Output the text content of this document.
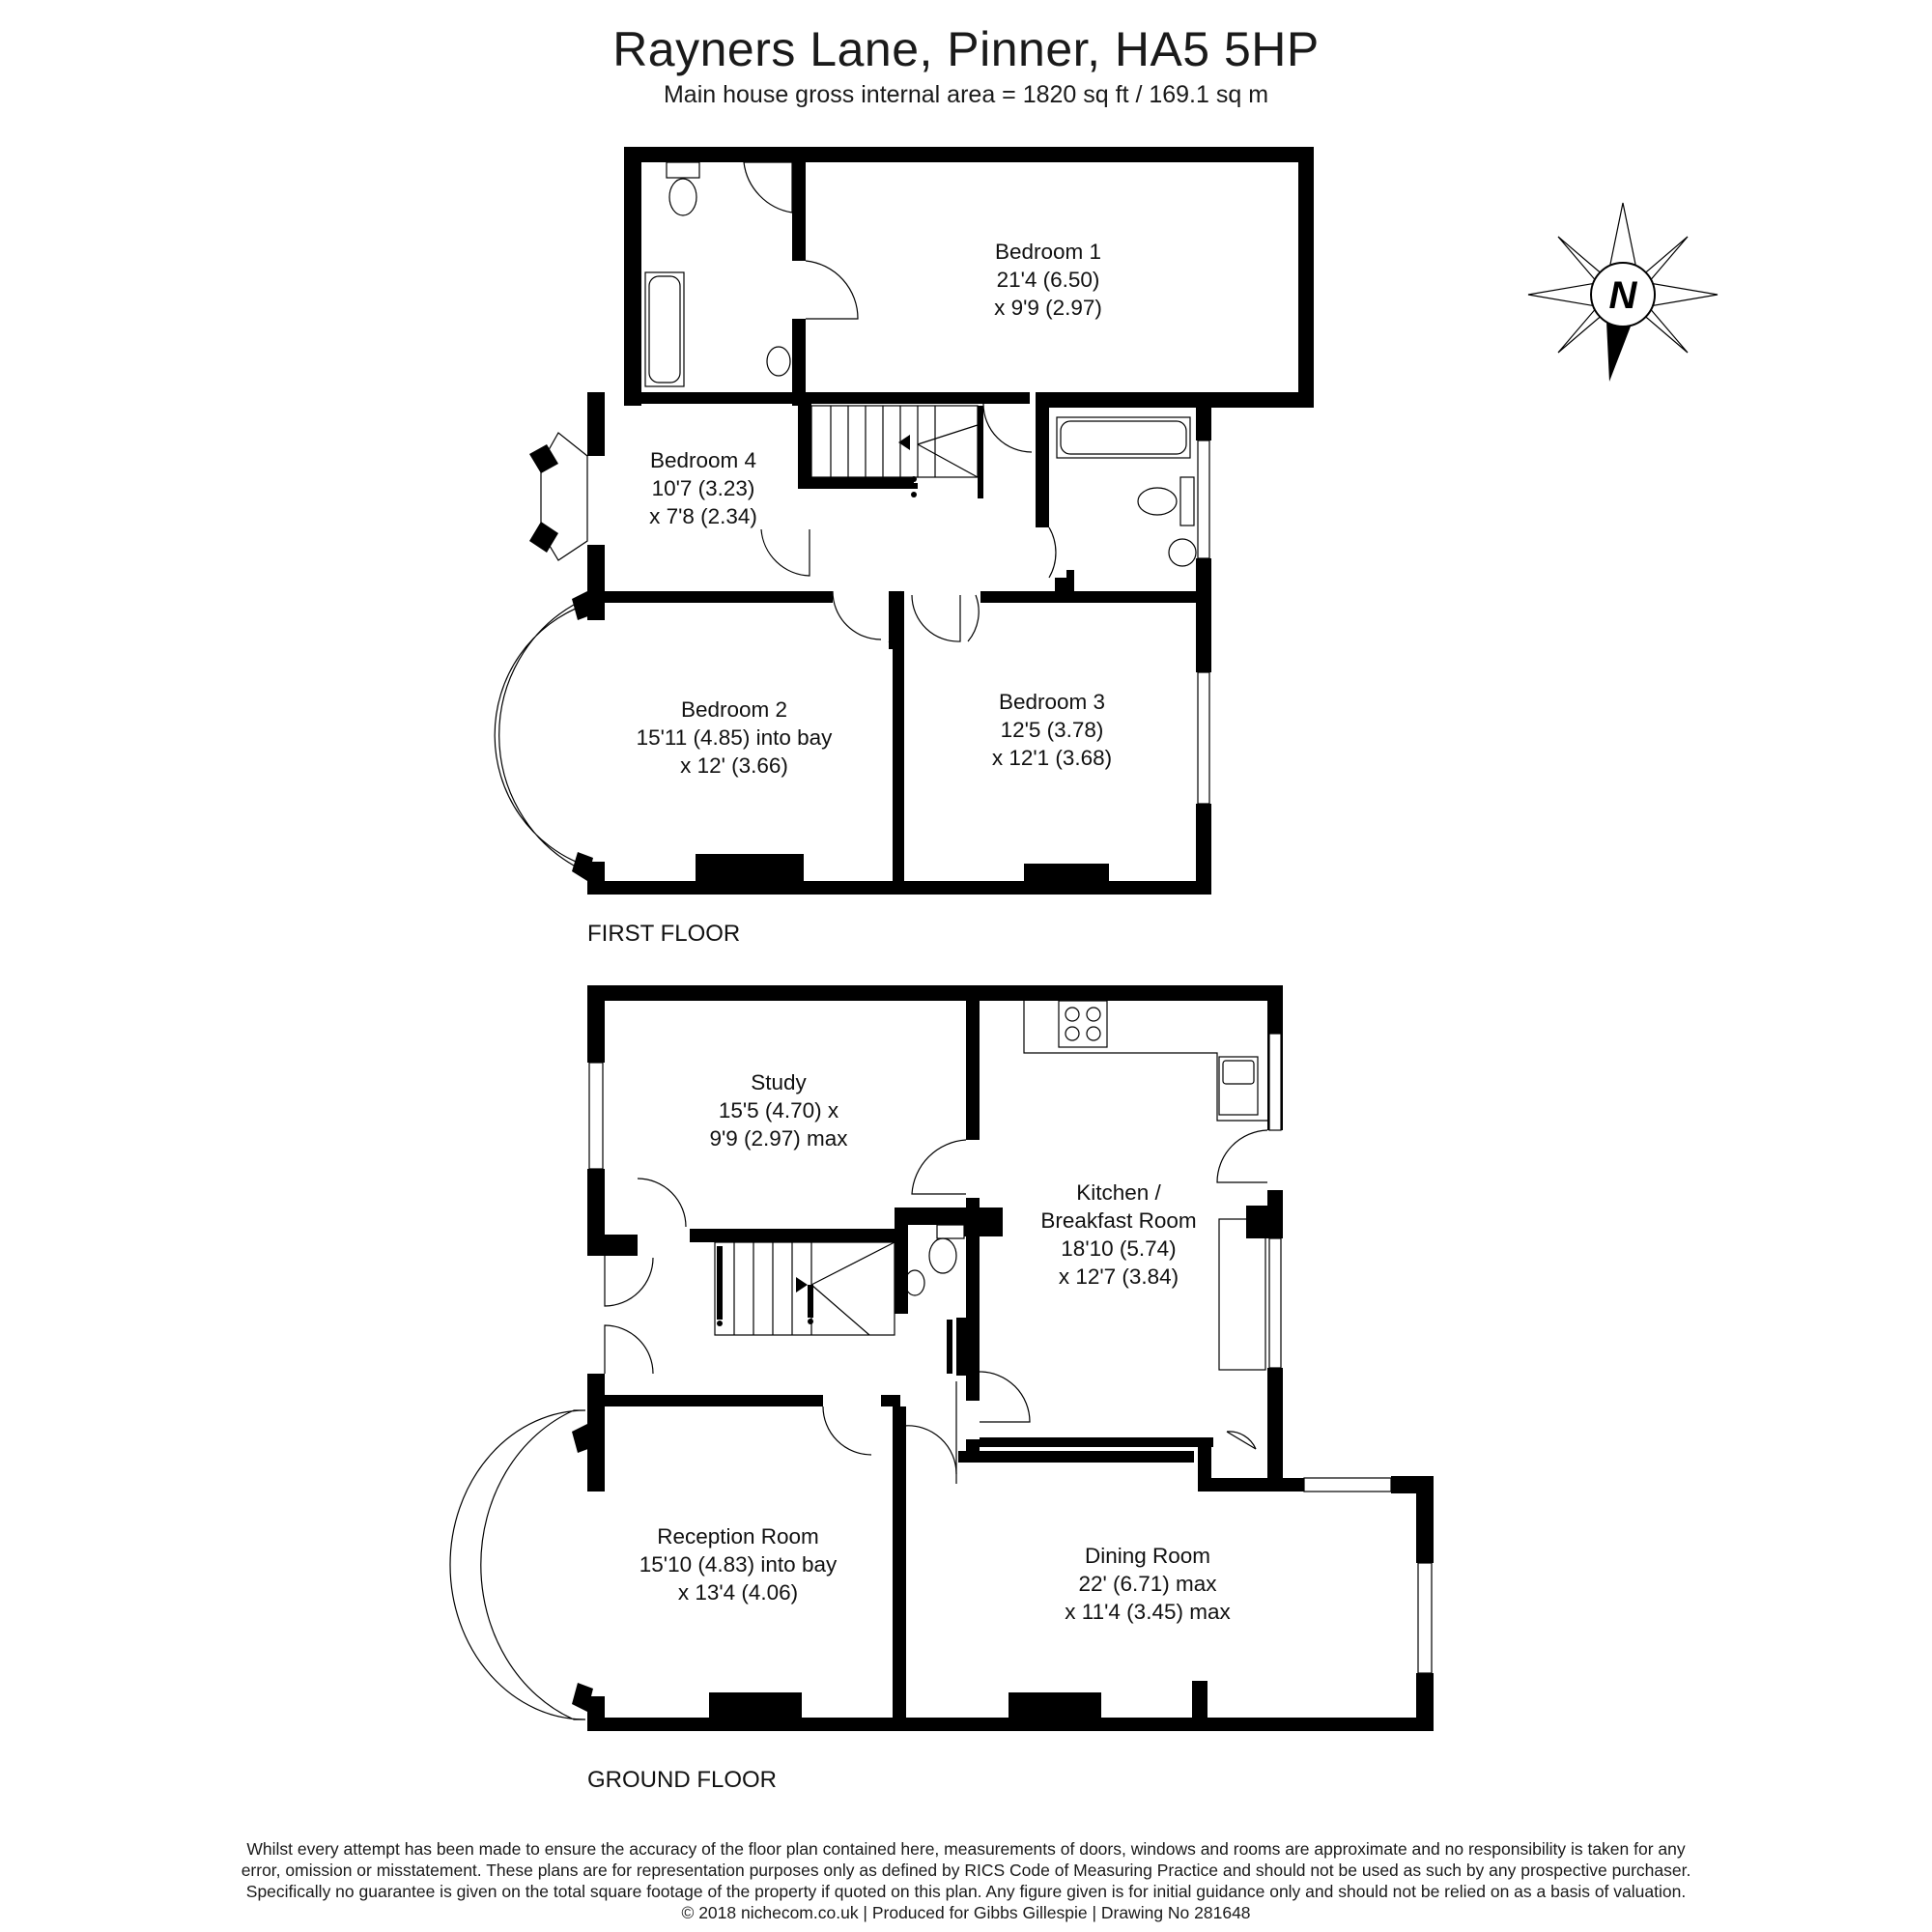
Rayners Lane, Pinner, HA5 5HP
Main house gross internal area = 1820 sq ft / 169.1 sq m
N
Bedroom 1
21'4 (6.50)
x 9'9 (2.97)
Bedroom 4
10'7 (3.23)
x 7'8 (2.34)
Bedroom 2
15'11 (4.85) into bay
x 12' (3.66)
Bedroom 3
12'5 (3.78)
x 12'1 (3.68)
FIRST FLOOR
Study
15'5 (4.70) x
9'9 (2.97) max
Kitchen /
Breakfast Room
18'10 (5.74)
x 12'7 (3.84)
Reception Room
15'10 (4.83) into bay
x 13'4 (4.06)
Dining Room
22' (6.71) max
x 11'4 (3.45) max
GROUND FLOOR
Whilst every attempt has been made to ensure the accuracy of the floor plan contained here, measurements of doors, windows and rooms are approximate and no responsibility is taken for any
error, omission or misstatement. These plans are for representation purposes only as defined by RICS Code of Measuring Practice and should not be used as such by any prospective purchaser.
Specifically no guarantee is given on the total square footage of the property if quoted on this plan. Any figure given is for initial guidance only and should not be relied on as a basis of valuation.
© 2018 nichecom.co.uk | Produced for Gibbs Gillespie | Drawing No 281648
